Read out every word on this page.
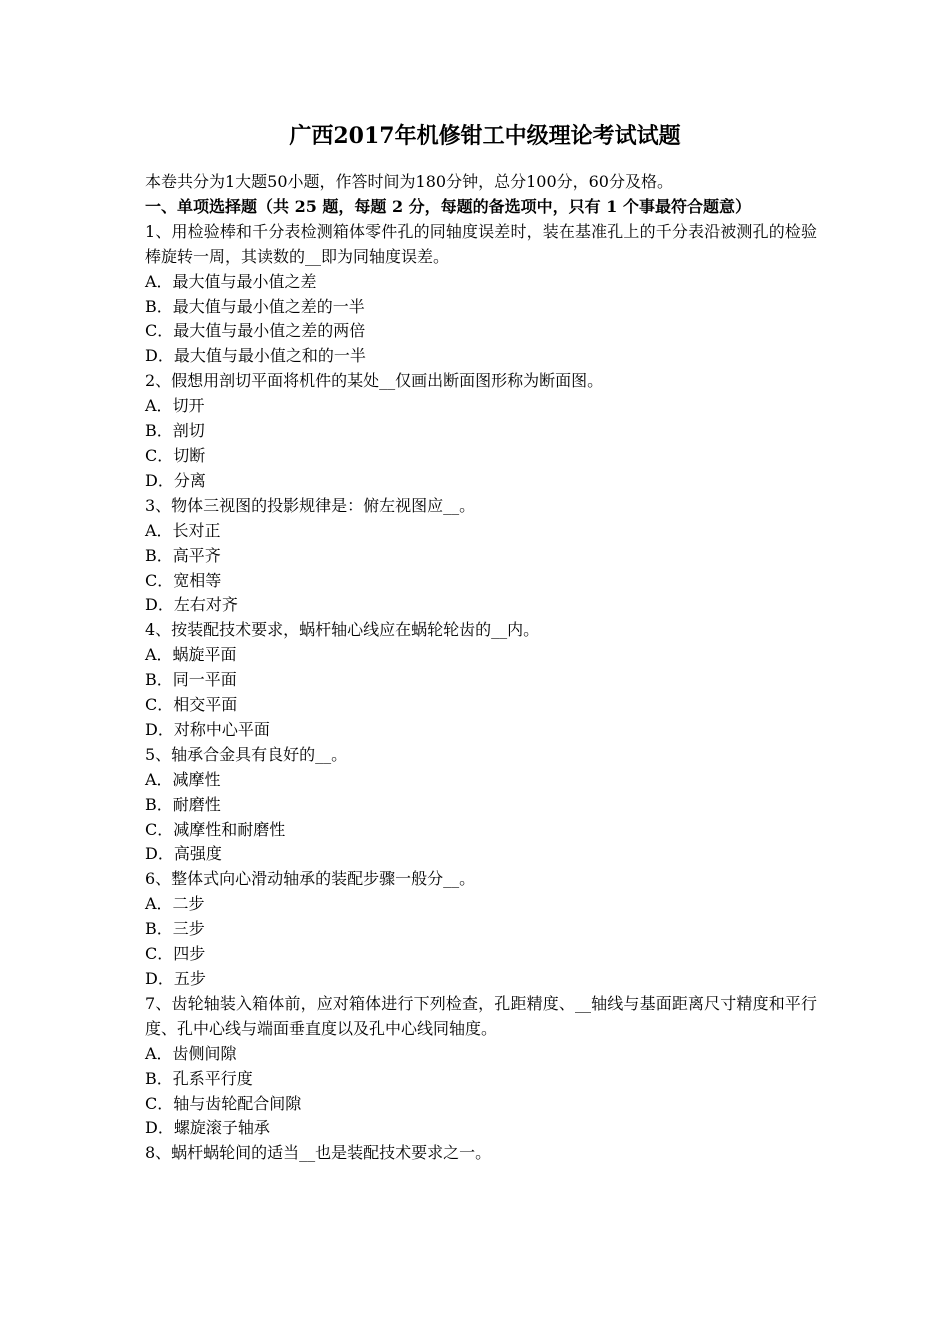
广西2017年机修钳工中级理论考试试题
本卷共分为1大题50小题，作答时间为180分钟，总分100分，60分及格。
一、单项选择题（共 25 题，每题 2 分，每题的备选项中，只有 1 个事最符合题意）
1、用检验棒和千分表检测箱体零件孔的同轴度误差时，装在基准孔上的千分表沿被测孔的检验棒旋转一周，其读数的__即为同轴度误差。
A．最大值与最小值之差
B．最大值与最小值之差的一半
C．最大值与最小值之差的两倍
D．最大值与最小值之和的一半
2、假想用剖切平面将机件的某处__仅画出断面图形称为断面图。
A．切开
B．剖切
C．切断
D．分离
3、物体三视图的投影规律是：俯左视图应__。
A．长对正
B．高平齐
C．宽相等
D．左右对齐
4、按装配技术要求，蜗杆轴心线应在蜗轮轮齿的__内。
A．蜗旋平面
B．同一平面
C．相交平面
D．对称中心平面
5、轴承合金具有良好的__。
A．减摩性
B．耐磨性
C．减摩性和耐磨性
D．高强度
6、整体式向心滑动轴承的装配步骤一般分__。
A．二步
B．三步
C．四步
D．五步
7、齿轮轴装入箱体前，应对箱体进行下列检查，孔距精度、__轴线与基面距离尺寸精度和平行度、孔中心线与端面垂直度以及孔中心线同轴度。
A．齿侧间隙
B．孔系平行度
C．轴与齿轮配合间隙
D．螺旋滚子轴承
8、蜗杆蜗轮间的适当__也是装配技术要求之一。
